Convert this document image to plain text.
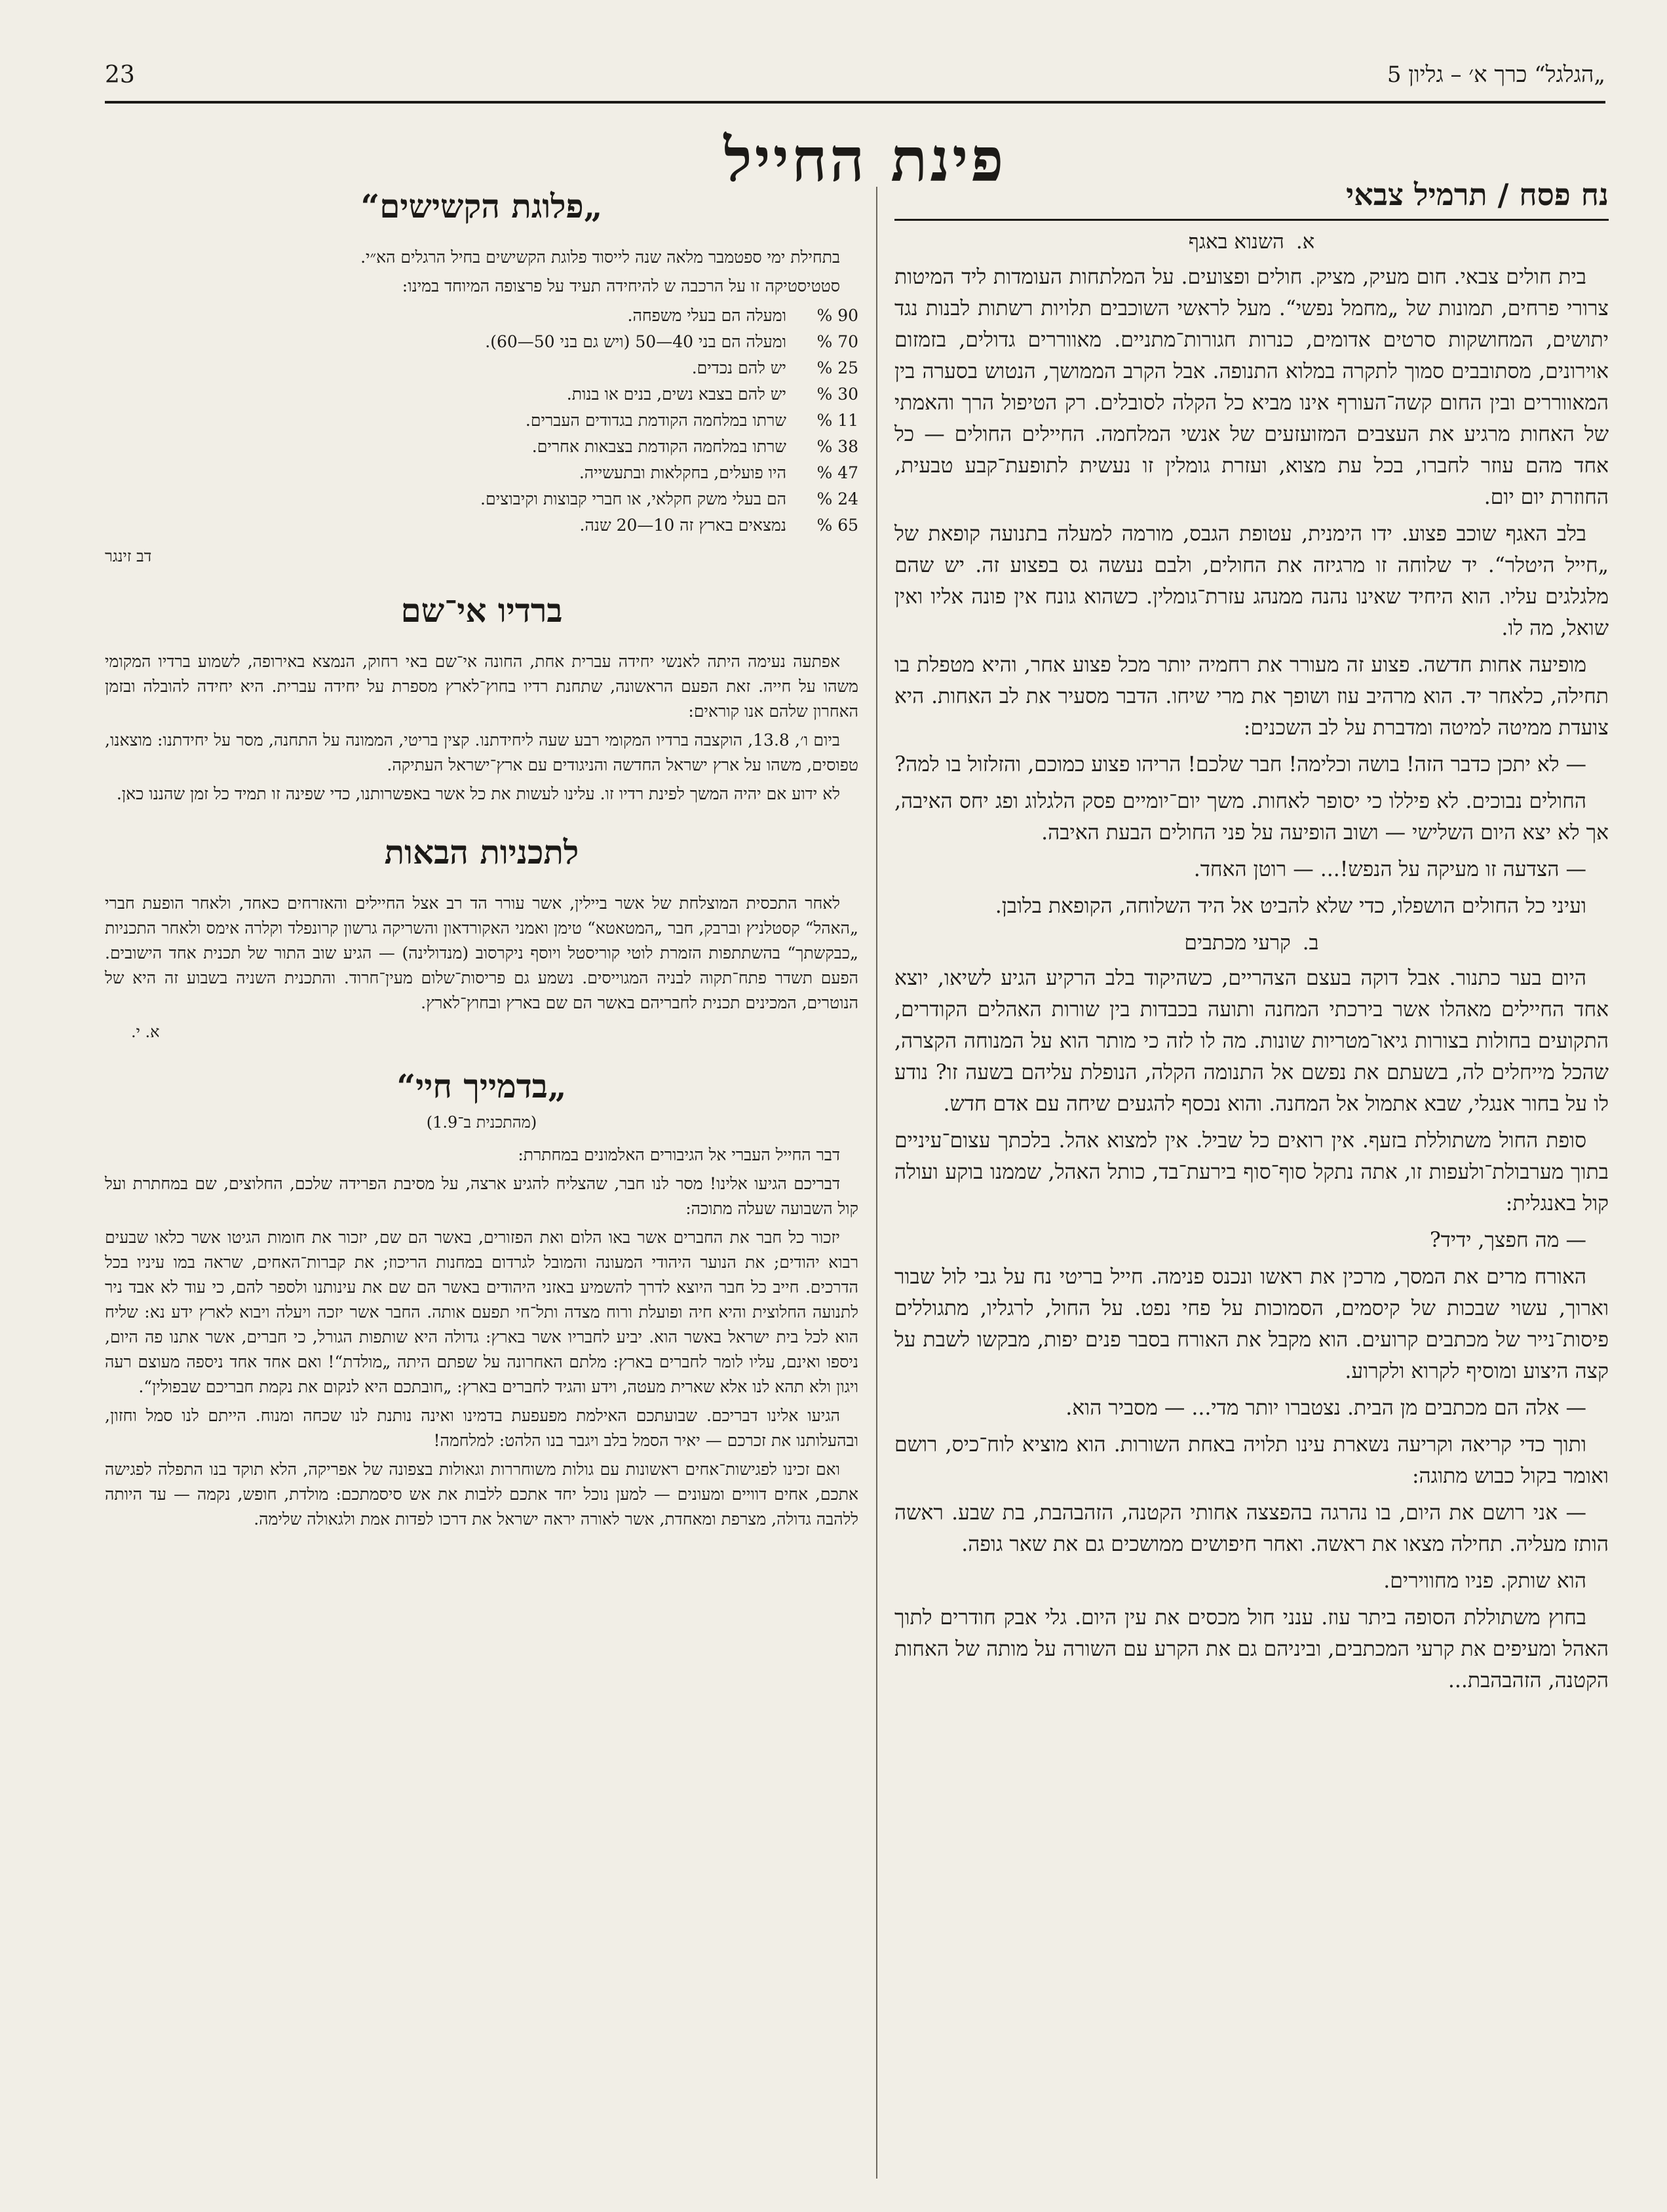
23	„הגלגל“ כרך א׳ – גליון 5
פינת החייל	נח פסח / תרמיל צבאי
א.השנוא באגף

בית חולים צבאי. חום מעיק, מציק. חולים ופצועים. על המלתחות העומדות ליד המיטות צרורי פרחים, תמונות של „מחמל נפשי“. מעל לראשי השוכבים תלויות רשתות לבנות נגד יתושים, המחושקות סרטים אדומים, כנרות חגורות־מתניים. מאווררים גדולים, בזמזום אוירונים, מסתובבים סמוך לתקרה במלוא התנופה. אבל הקרב הממושך, הנטוש בסערה בין המאווררים ובין החום קשה־העורף אינו מביא כל הקלה לסובלים. רק הטיפול הרך והאמתי של האחות מרגיע את העצבים המזועזעים של אנשי המלחמה. החיילים החולים — כל אחד מהם עוזר לחברו, בכל עת מצוא, ועזרת גומלין זו נעשית לתופעת־קבע טבעית, החוזרת יום יום.

בלב האגף שוכב פצוע. ידו הימנית, עטופת הגבס, מורמה למעלה בתנועה קופאת של „חייל היטלר“. יד שלוחה זו מרגיזה את החולים, ולבם נעשה גס בפצוע זה. יש שהם מלגלגים עליו. הוא היחיד שאינו נהנה ממנהג עזרת־גומלין. כשהוא גונח אין פונה אליו ואין שואל, מה לו.

מופיעה אחות חדשה. פצוע זה מעורר את רחמיה יותר מכל פצוע אחר, והיא מטפלת בו תחילה, כלאחר יד. הוא מרהיב עוז ושופך את מרי שיחו. הדבר מסעיר את לב האחות. היא צועדת ממיטה למיטה ומדברת על לב השכנים:

— לא יתכן כדבר הזה! בושה וכלימה! חבר שלכם! הריהו פצוע כמוכם, והזלזול בו למה?

החולים נבוכים. לא פיללו כי יסופר לאחות. משך יום־יומיים פסק הלגלוג ופג יחס האיבה, אך לא יצא היום השלישי — ושוב הופיעה על פני החולים הבעת האיבה.

— הצדעה זו מעיקה על הנפש!... — רוטן האחד.

ועיני כל החולים הושפלו, כדי שלא להביט אל היד השלוחה, הקופאת בלובן.

ב.קרעי מכתבים

היום בער כתנור. אבל דוקה בעצם הצהריים, כשהיקוד בלב הרקיע הגיע לשיאו, יוצא אחד החיילים מאהלו אשר בירכתי המחנה ותועה בכבדות בין שורות האהלים הקודרים, התקועים בחולות בצורות גיאו־מטריות שונות. מה לו לזה כי מותר הוא על המנוחה הקצרה, שהכל מייחלים לה, בשעתם את נפשם אל התנומה הקלה, הנופלת עליהם בשעה זו? נודע לו על בחור אנגלי, שבא אתמול אל המחנה. והוא נכסף להגעים שיחה עם אדם חדש.

סופת החול משתוללת בזעף. אין רואים כל שביל. אין למצוא אהל. בלכתך עצום־עיניים בתוך מערבולת־ולעפות זו, אתה נתקל סוף־סוף בירעת־בד, כותל האהל, שממנו בוקע ועולה קול באנגלית:

— מה חפצך, ידיד?

האורח מרים את המסך, מרכין את ראשו ונכנס פנימה. חייל בריטי נח על גבי לול שבור וארוך, עשוי שבכות של קיסמים, הסמוכות על פחי נפט. על החול, לרגליו, מתגוללים פיסות־נייר של מכתבים קרועים. הוא מקבל את האורח בסבר פנים יפות, מבקשו לשבת על קצה היצוע ומוסיף לקרוא ולקרוע.

— אלה הם מכתבים מן הבית. נצטברו יותר מדי... — מסביר הוא.

ותוך כדי קריאה וקריעה נשארת עינו תלויה באחת השורות. הוא מוציא לוח־כיס, רושם ואומר בקול כבוש מתוגה:

— אני רושם את היום, בו נהרגה בהפצצה אחותי הקטנה, הזהבהבת, בת שבע. ראשה הותז מעליה. תחילה מצאו את ראשה. ואחר חיפושים ממושכים גם את שאר גופה.

הוא שותק. פניו מחווירים.

בחוץ משתוללת הסופה ביתר עוז. ענני חול מכסים את עין היום. גלי אבק חודרים לתוך האהל ומעיפים את קרעי המכתבים, וביניהם גם את הקרע עם השורה על מותה של האחות הקטנה, הזהבהבת...

„פלוגת הקשישים“

בתחילת ימי ספטמבר מלאה שנה לייסוד פלוגת הקשישים בחיל הרגלים הא״י.

סטטיסטיקה זו על הרכבה ש להיחידה תעיד על פרצופה המיוחד במינו:

90 %
ומעלה הם בעלי משפחה.
70 %
ומעלה הם בני 40—50 (ויש גם בני 50—60).
25 %
יש להם נכדים.
30 %
יש להם בצבא נשים, בנים או בנות.
11 %
שרתו במלחמה הקודמת בגדודים העברים.
38 %
שרתו במלחמה הקודמת בצבאות אחרים.
47 %
היו פועלים, בחקלאות ובתעשייה.
24 %
הם בעלי משק חקלאי, או חברי קבוצות וקיבוצים.
65 %
נמצאים בארץ זה 10—20 שנה.
דב זינגר
ברדיו אי־שם

אפתעה נעימה היתה לאנשי יחידה עברית אחת, החונה אי־שם באי רחוק, הנמצא באירופה, לשמוע ברדיו המקומי משהו על חייה. זאת הפעם הראשונה, שתחנת רדיו בחוץ־לארץ מספרת על יחידה עברית. היא יחידה להובלה ובזמן האחרון שלהם אנו קוראים:

ביום ו׳, 13.8, הוקצבה ברדיו המקומי רבע שעה ליחידתנו. קצין בריטי, הממונה על התחנה, מסר על יחידתנו: מוצאנו, טפוסים, משהו על ארץ ישראל החדשה והניגודים עם ארץ־ישראל העתיקה.

לא ידוע אם יהיה המשך לפינת רדיו זו. עלינו לעשות את כל אשר באפשרותנו, כדי שפינה זו תמיד כל זמן שהננו כאן.

לתכניות הבאות

לאחר התכסית המוצלחת של אשר ביילין, אשר עורר הד רב אצל החיילים והאזרחים כאחד, ולאחר הופעת חברי „האהל“ קסטלניץ וברבק, חבר „המטאטא“ טימן ואמני האקורדאון והשריקה גרשון קרונפלד וקלרה אימס ולאחר התכניות „כבקשתך“ בהשתתפות הזמרת לוטי קוריסטל ויוסף ניקרסוב (מנדולינה) — הגיע שוב התור של תכנית אחד הישובים. הפעם תשדר פתח־תקוה לבניה המגוייסים. נשמע גם פריסות־שלום מעין־חרוד. והתכנית השניה בשבוע זה היא של הנוטרים, המכינים תכנית לחבריהם באשר הם שם בארץ ובחוץ־לארץ.

א. י.
„בדמייך חיי“
(מהתכנית ב־1.9)

דבר החייל העברי אל הגיבורים האלמונים במחתרת:

דבריכם הגיעו אלינו! מסר לנו חבר, שהצליח להגיע ארצה, על מסיבת הפרידה שלכם, החלוצים, שם במחתרת ועל קול השבועה שעלה מתוכה:

יזכור כל חבר את החברים אשר באו הלום ואת הפזורים, באשר הם שם, יזכור את חומות הגיטו אשר כלאו שבעים רבוא יהודים; את הנוער היהודי המעונה והמובל לגרדום במחנות הריכוז; את קברות־האחים, שראה במו עיניו בכל הדרכים. חייב כל חבר היוצא לדרך להשמיע באזני היהודים באשר הם שם את עינותנו ולספר להם, כי עוד לא אבד ניר לתנועה החלוצית והיא חיה ופועלת ורוח מצדה ותל־חי תפעם אותה. החבר אשר יזכה ויעלה ויבוא לארץ ידע נא: שליח הוא לכל בית ישראל באשר הוא. יביע לחבריו אשר בארץ: גדולה היא שותפות הגורל, כי חברים, אשר אתנו פה היום, ניספו ואינם, עליו לומר לחברים בארץ: מלתם האחרונה על שפתם היתה „מולדת“! ואם אחד אחד ניספה מעוצם רעה ויגון ולא תהא לנו אלא שארית מעטה, וידע והגיד לחברים בארץ: „חובתכם היא לנקום את נקמת חבריכם שבפולין“.

הגיעו אלינו דבריכם. שבועתכם האילמת מפעפעת בדמינו ואינה נותנת לנו שכחה ומנוח. הייתם לנו סמל וחזון, ובהעלותנו את זכרכם — יאיר הסמל בלב ויגבר בנו הלהט: למלחמה!

ואם זכינו לפגישות־אחים ראשונות עם גולות משוחררות וגאולות בצפונה של אפריקה, הלא תוקד בנו התפלה לפגישה אתכם, אחים דוויים ומעונים — למען נוכל יחד אתכם ללבות את אש סיסמתכם: מולדת, חופש, נקמה — עד היותה ללהבה גדולה, מצרפת ומאחדת, אשר לאורה יראה ישראל את דרכו לפדות אמת ולגאולה שלימה.
